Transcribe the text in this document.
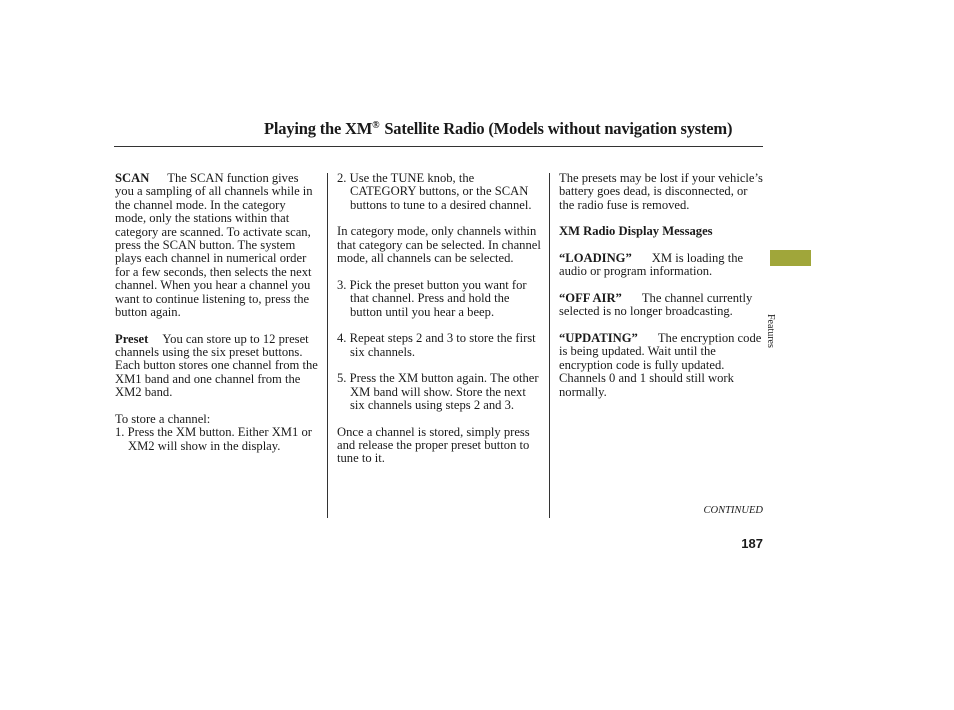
Playing the XM® Satellite Radio (Models without navigation system)

SCAN The SCAN function gives you a sampling of all channels while in the channel mode. In the category mode, only the stations within that category are scanned. To activate scan, press the SCAN button. The system plays each channel in numerical order for a few seconds, then selects the next channel. When you hear a channel you want to continue listening to, press the button again.

Preset You can store up to 12 preset channels using the six preset buttons. Each button stores one channel from the XM1 band and one channel from the XM2 band.

To store a channel:

1. Press the XM button. Either XM1 or XM2 will show in the display.

2. Use the TUNE knob, the CATEGORY buttons, or the SCAN buttons to tune to a desired channel.

In category mode, only channels within that category can be selected. In channel mode, all channels can be selected.

3. Pick the preset button you want for that channel. Press and hold the button until you hear a beep.

4. Repeat steps 2 and 3 to store the first six channels.

5. Press the XM button again. The other XM band will show. Store the next six channels using steps 2 and 3.

Once a channel is stored, simply press and release the proper preset button to tune to it.

The presets may be lost if your vehicle’s battery goes dead, is disconnected, or the radio fuse is removed.

XM Radio Display Messages

“LOADING” XM is loading the audio or program information.

“OFF AIR” The channel currently selected is no longer broadcasting.

“UPDATING” The encryption code is being updated. Wait until the encryption code is fully updated. Channels 0 and 1 should still work normally.

Features
CONTINUED
187
